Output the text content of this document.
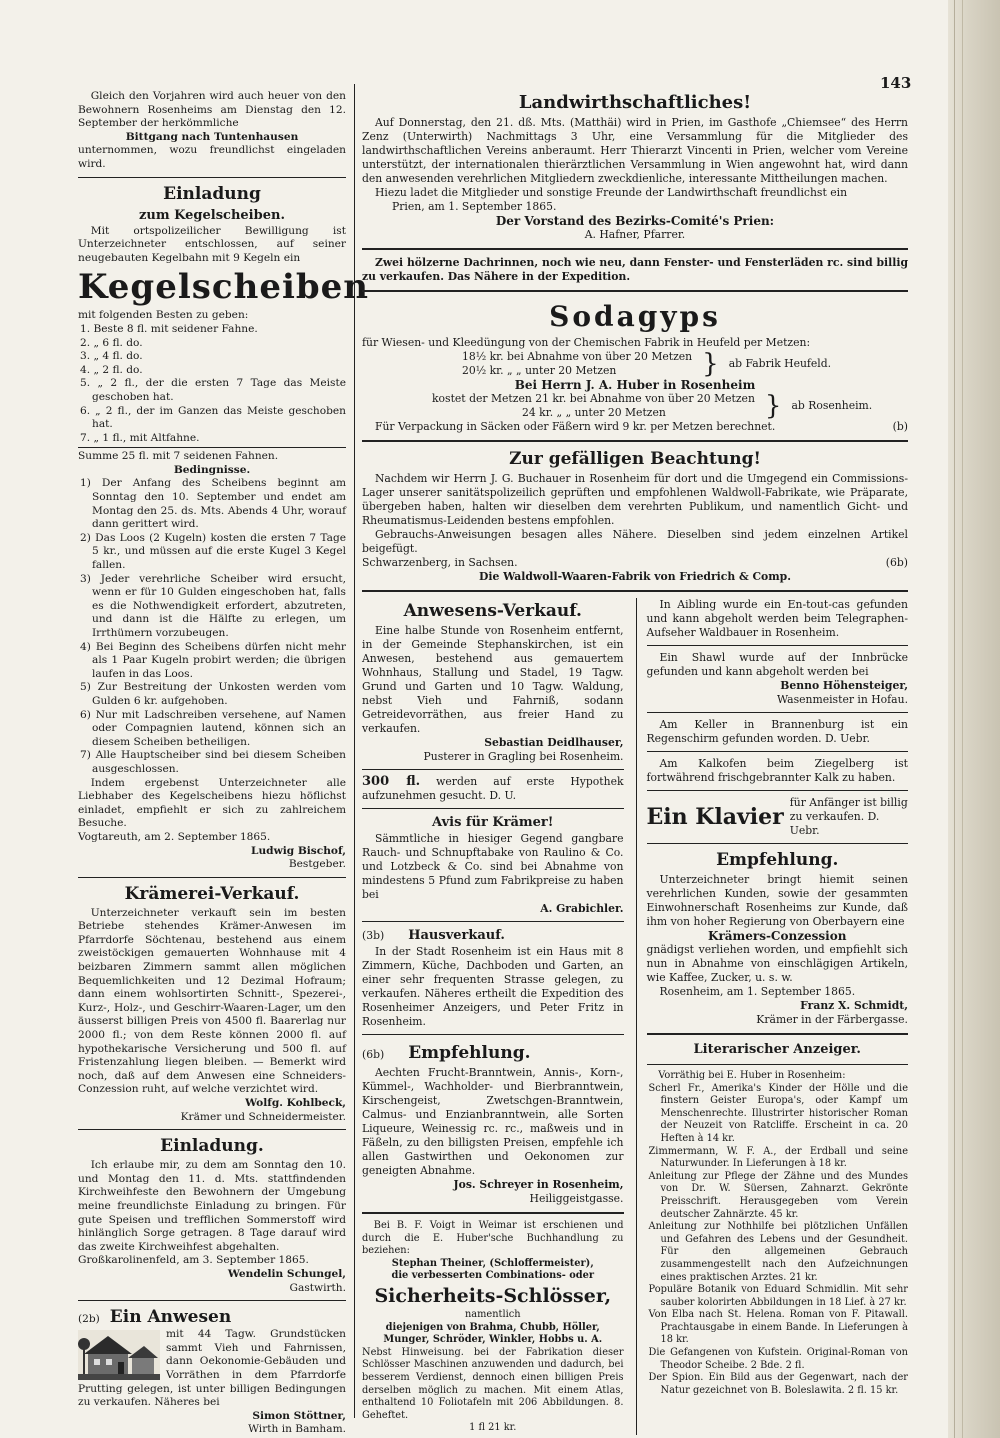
143

Gleich den Vorjahren wird auch heuer von den Bewohnern Rosenheims am Dienstag den 12. September der herkömmliche

Bittgang nach Tuntenhausen

unternommen, wozu freundlichst eingeladen wird.

Einladung
zum Kegelscheiben.

Mit ortspolizeilicher Bewilligung ist Unterzeichneter entschlossen, auf seiner neugebauten Kegelbahn mit 9 Kegeln ein

Kegelscheiben

mit folgenden Besten zu geben:

1. Beste 8 fl. mit seidener Fahne.

2. „ 6 fl. do.

3. „ 4 fl. do.

4. „ 2 fl. do.

5. „ 2 fl., der die ersten 7 Tage das Meiste geschoben hat.

6. „ 2 fl., der im Ganzen das Meiste geschoben hat.

7. „ 1 fl., mit Altfahne.

Summe 25 fl. mit 7 seidenen Fahnen.

Bedingnisse.

1) Der Anfang des Scheibens beginnt am Sonntag den 10. September und endet am Montag den 25. ds. Mts. Abends 4 Uhr, worauf dann gerittert wird.

2) Das Loos (2 Kugeln) kosten die ersten 7 Tage 5 kr., und müssen auf die erste Kugel 3 Kegel fallen.

3) Jeder verehrliche Scheiber wird ersucht, wenn er für 10 Gulden eingeschoben hat, falls es die Nothwendigkeit erfordert, abzutreten, und dann ist die Hälfte zu erlegen, um Irrthümern vorzubeugen.

4) Bei Beginn des Scheibens dürfen nicht mehr als 1 Paar Kugeln probirt werden; die übrigen laufen in das Loos.

5) Zur Bestreitung der Unkosten werden vom Gulden 6 kr. aufgehoben.

6) Nur mit Ladschreiben versehene, auf Namen oder Compagnien lautend, können sich an diesem Scheiben betheiligen.

7) Alle Hauptscheiber sind bei diesem Scheiben ausgeschlossen.

Indem ergebenst Unterzeichneter alle Liebhaber des Kegelscheibens hiezu höflichst einladet, empfiehlt er sich zu zahlreichem Besuche.

Vogtareuth, am 2. September 1865.

Ludwig Bischof,

Bestgeber.

Krämerei-Verkauf.

Unterzeichneter verkauft sein im besten Betriebe stehendes Krämer-Anwesen im Pfarrdorfe Söchtenau, bestehend aus einem zweistöckigen gemauerten Wohnhause mit 4 beizbaren Zimmern sammt allen möglichen Bequemlichkeiten und 12 Dezimal Hofraum; dann einem wohlsortirten Schnitt-, Spezerei-, Kurz-, Holz-, und Geschirr-Waaren-Lager, um den äusserst billigen Preis von 4500 fl. Baarerlag nur 2000 fl.; von dem Reste können 2000 fl. auf hypothekarische Versicherung und 500 fl. auf Fristenzahlung liegen bleiben. — Bemerkt wird noch, daß auf dem Anwesen eine Schneiders-Conzession ruht, auf welche verzichtet wird.

Wolfg. Kohlbeck,

Krämer und Schneidermeister.

Einladung.

Ich erlaube mir, zu dem am Sonntag den 10. und Montag den 11. d. Mts. stattfindenden Kirchweihfeste den Bewohnern der Umgebung meine freundlichste Einladung zu bringen. Für gute Speisen und trefflichen Sommerstoff wird hinlänglich Sorge getragen. 8 Tage darauf wird das zweite Kirchweihfest abgehalten.

Großkarolinenfeld, am 3. September 1865.

Wendelin Schungel,

Gastwirth.

(2b) Ein Anwesen

mit 44 Tagw. Grundstücken sammt Vieh und Fahrnissen, dann Oekonomie-Gebäuden und Vorräthen in dem Pfarrdorfe Prutting gelegen, ist unter billigen Bedingungen zu verkaufen. Näheres bei

Simon Stöttner,

Wirth in Bamham.

Landwirthschaftliches!

Auf Donnerstag, den 21. dß. Mts. (Matthäi) wird in Prien, im Gasthofe „Chiemsee“ des Herrn Zenz (Unterwirth) Nachmittags 3 Uhr, eine Versammlung für die Mitglieder des landwirthschaftlichen Vereins anberaumt. Herr Thierarzt Vincenti in Prien, welcher vom Vereine unterstützt, der internationalen thierärztlichen Versammlung in Wien angewohnt hat, wird dann den anwesenden verehrlichen Mitgliedern zweckdienliche, interessante Mittheilungen machen.

Hiezu ladet die Mitglieder und sonstige Freunde der Landwirthschaft freundlichst ein

Prien, am 1. September 1865.

Der Vorstand des Bezirks-Comité's Prien:

A. Hafner, Pfarrer.

Zwei hölzerne Dachrinnen, noch wie neu, dann Fenster- und Fensterläden rc. sind billig zu verkaufen. Das Nähere in der Expedition.

Sodagyps

für Wiesen- und Kleedüngung von der Chemischen Fabrik in Heufeld per Metzen:

18½ kr. bei Abnahme von über 20 Metzen

20½ kr. „ „ unter 20 Metzen	} ab Fabrik Heufeld.

Bei Herrn J. A. Huber in Rosenheim

kostet der Metzen 21 kr. bei Abnahme von über 20 Metzen

24 kr. „ „ unter 20 Metzen	} ab Rosenheim.

Für Verpackung in Säcken oder Fäßern wird 9 kr. per Metzen berechnet.	(b)
Zur gefälligen Beachtung!

Nachdem wir Herrn J. G. Buchauer in Rosenheim für dort und die Umgegend ein Commissions-Lager unserer sanitätspolizeilich geprüften und empfohlenen Waldwoll-Fabrikate, wie Präparate, übergeben haben, halten wir dieselben dem verehrten Publikum, und namentlich Gicht- und Rheumatismus-Leidenden bestens empfohlen.

Gebrauchs-Anweisungen besagen alles Nähere. Dieselben sind jedem einzelnen Artikel beigefügt.

Schwarzenberg, in Sachsen.	(6b)

Die Waldwoll-Waaren-Fabrik von Friedrich & Comp.

Anwesens-Verkauf.

Eine halbe Stunde von Rosenheim entfernt, in der Gemeinde Stephanskirchen, ist ein Anwesen, bestehend aus gemauertem Wohnhaus, Stallung und Stadel, 19 Tagw. Grund und Garten und 10 Tagw. Waldung, nebst Vieh und Fahrniß, sodann Getreidevorräthen, aus freier Hand zu verkaufen.

Sebastian Deidlhauser,

Pusterer in Gragling bei Rosenheim.

300 fl. werden auf erste Hypothek aufzunehmen gesucht. D. U.

Avis für Krämer!

Sämmtliche in hiesiger Gegend gangbare Rauch- und Schnupftabake von Raulino & Co. und Lotzbeck & Co. sind bei Abnahme von mindestens 5 Pfund zum Fabrikpreise zu haben bei

A. Grabichler.

(3b) Hausverkauf.

In der Stadt Rosenheim ist ein Haus mit 8 Zimmern, Küche, Dachboden und Garten, an einer sehr frequenten Strasse gelegen, zu verkaufen. Näheres ertheilt die Expedition des Rosenheimer Anzeigers, und Peter Fritz in Rosenheim.

(6b) Empfehlung.

Aechten Frucht-Branntwein, Annis-, Korn-, Kümmel-, Wachholder- und Bierbranntwein, Kirschengeist, Zwetschgen-Branntwein, Calmus- und Enzianbranntwein, alle Sorten Liqueure, Weinessig rc. rc., maßweis und in Fäßeln, zu den billigsten Preisen, empfehle ich allen Gastwirthen und Oekonomen zur geneigten Abnahme.

Jos. Schreyer in Rosenheim,

Heiliggeistgasse.

Bei B. F. Voigt in Weimar ist erschienen und durch die E. Huber'sche Buchhandlung zu beziehen:

Stephan Theiner, (Schloffermeister),

die verbesserten Combinations- oder

Sicherheits-Schlösser,

namentlich

diejenigen von Brahma, Chubb, Höller, Munger, Schröder, Winkler, Hobbs u. A.

Nebst Hinweisung. bei der Fabrikation dieser Schlösser Maschinen anzuwenden und dadurch, bei besserem Verdienst, dennoch einen billigen Preis derselben möglich zu machen. Mit einem Atlas, enthaltend 10 Foliotafeln mit 206 Abbildungen. 8. Geheftet.

1 fl 21 kr.

In Aibling wurde ein En-tout-cas gefunden und kann abgeholt werden beim Telegraphen-Aufseher Waldbauer in Rosenheim.

Ein Shawl wurde auf der Innbrücke gefunden und kann abgeholt werden bei

Benno Höhensteiger,

Wasenmeister in Hofau.

Am Keller in Brannenburg ist ein Regenschirm gefunden worden. D. Uebr.

Am Kalkofen beim Ziegelberg ist fortwährend frischgebrannter Kalk zu haben.

Ein Klavier
für Anfänger ist billig zu verkaufen. D. Uebr.
Empfehlung.

Unterzeichneter bringt hiemit seinen verehrlichen Kunden, sowie der gesammten Einwohnerschaft Rosenheims zur Kunde, daß ihm von hoher Regierung von Oberbayern eine

Krämers-Conzession

gnädigst verliehen worden, und empfiehlt sich nun in Abnahme von einschlägigen Artikeln, wie Kaffee, Zucker, u. s. w.

Rosenheim, am 1. September 1865.

Franz X. Schmidt,

Krämer in der Färbergasse.

Literarischer Anzeiger.

Vorräthig bei E. Huber in Rosenheim:

Scherl Fr., Amerika's Kinder der Hölle und die finstern Geister Europa's, oder Kampf um Menschenrechte. Illustrirter historischer Roman der Neuzeit von Ratcliffe. Erscheint in ca. 20 Heften à 14 kr.

Zimmermann, W. F. A., der Erdball und seine Naturwunder. In Lieferungen à 18 kr.

Anleitung zur Pflege der Zähne und des Mundes von Dr. W. Süersen, Zahnarzt. Gekrönte Preisschrift. Herausgegeben vom Verein deutscher Zahnärzte. 45 kr.

Anleitung zur Nothhilfe bei plötzlichen Unfällen und Gefahren des Lebens und der Gesundheit. Für den allgemeinen Gebrauch zusammengestellt nach den Aufzeichnungen eines praktischen Arztes. 21 kr.

Populäre Botanik von Eduard Schmidlin. Mit sehr sauber kolorirten Abbildungen in 18 Lief. à 27 kr.

Von Elba nach St. Helena. Roman von F. Pitawall. Prachtausgabe in einem Bande. In Lieferungen à 18 kr.

Die Gefangenen von Kufstein. Original-Roman von Theodor Scheibe. 2 Bde. 2 fl.

Der Spion. Ein Bild aus der Gegenwart, nach der Natur gezeichnet von B. Boleslawita. 2 fl. 15 kr.
